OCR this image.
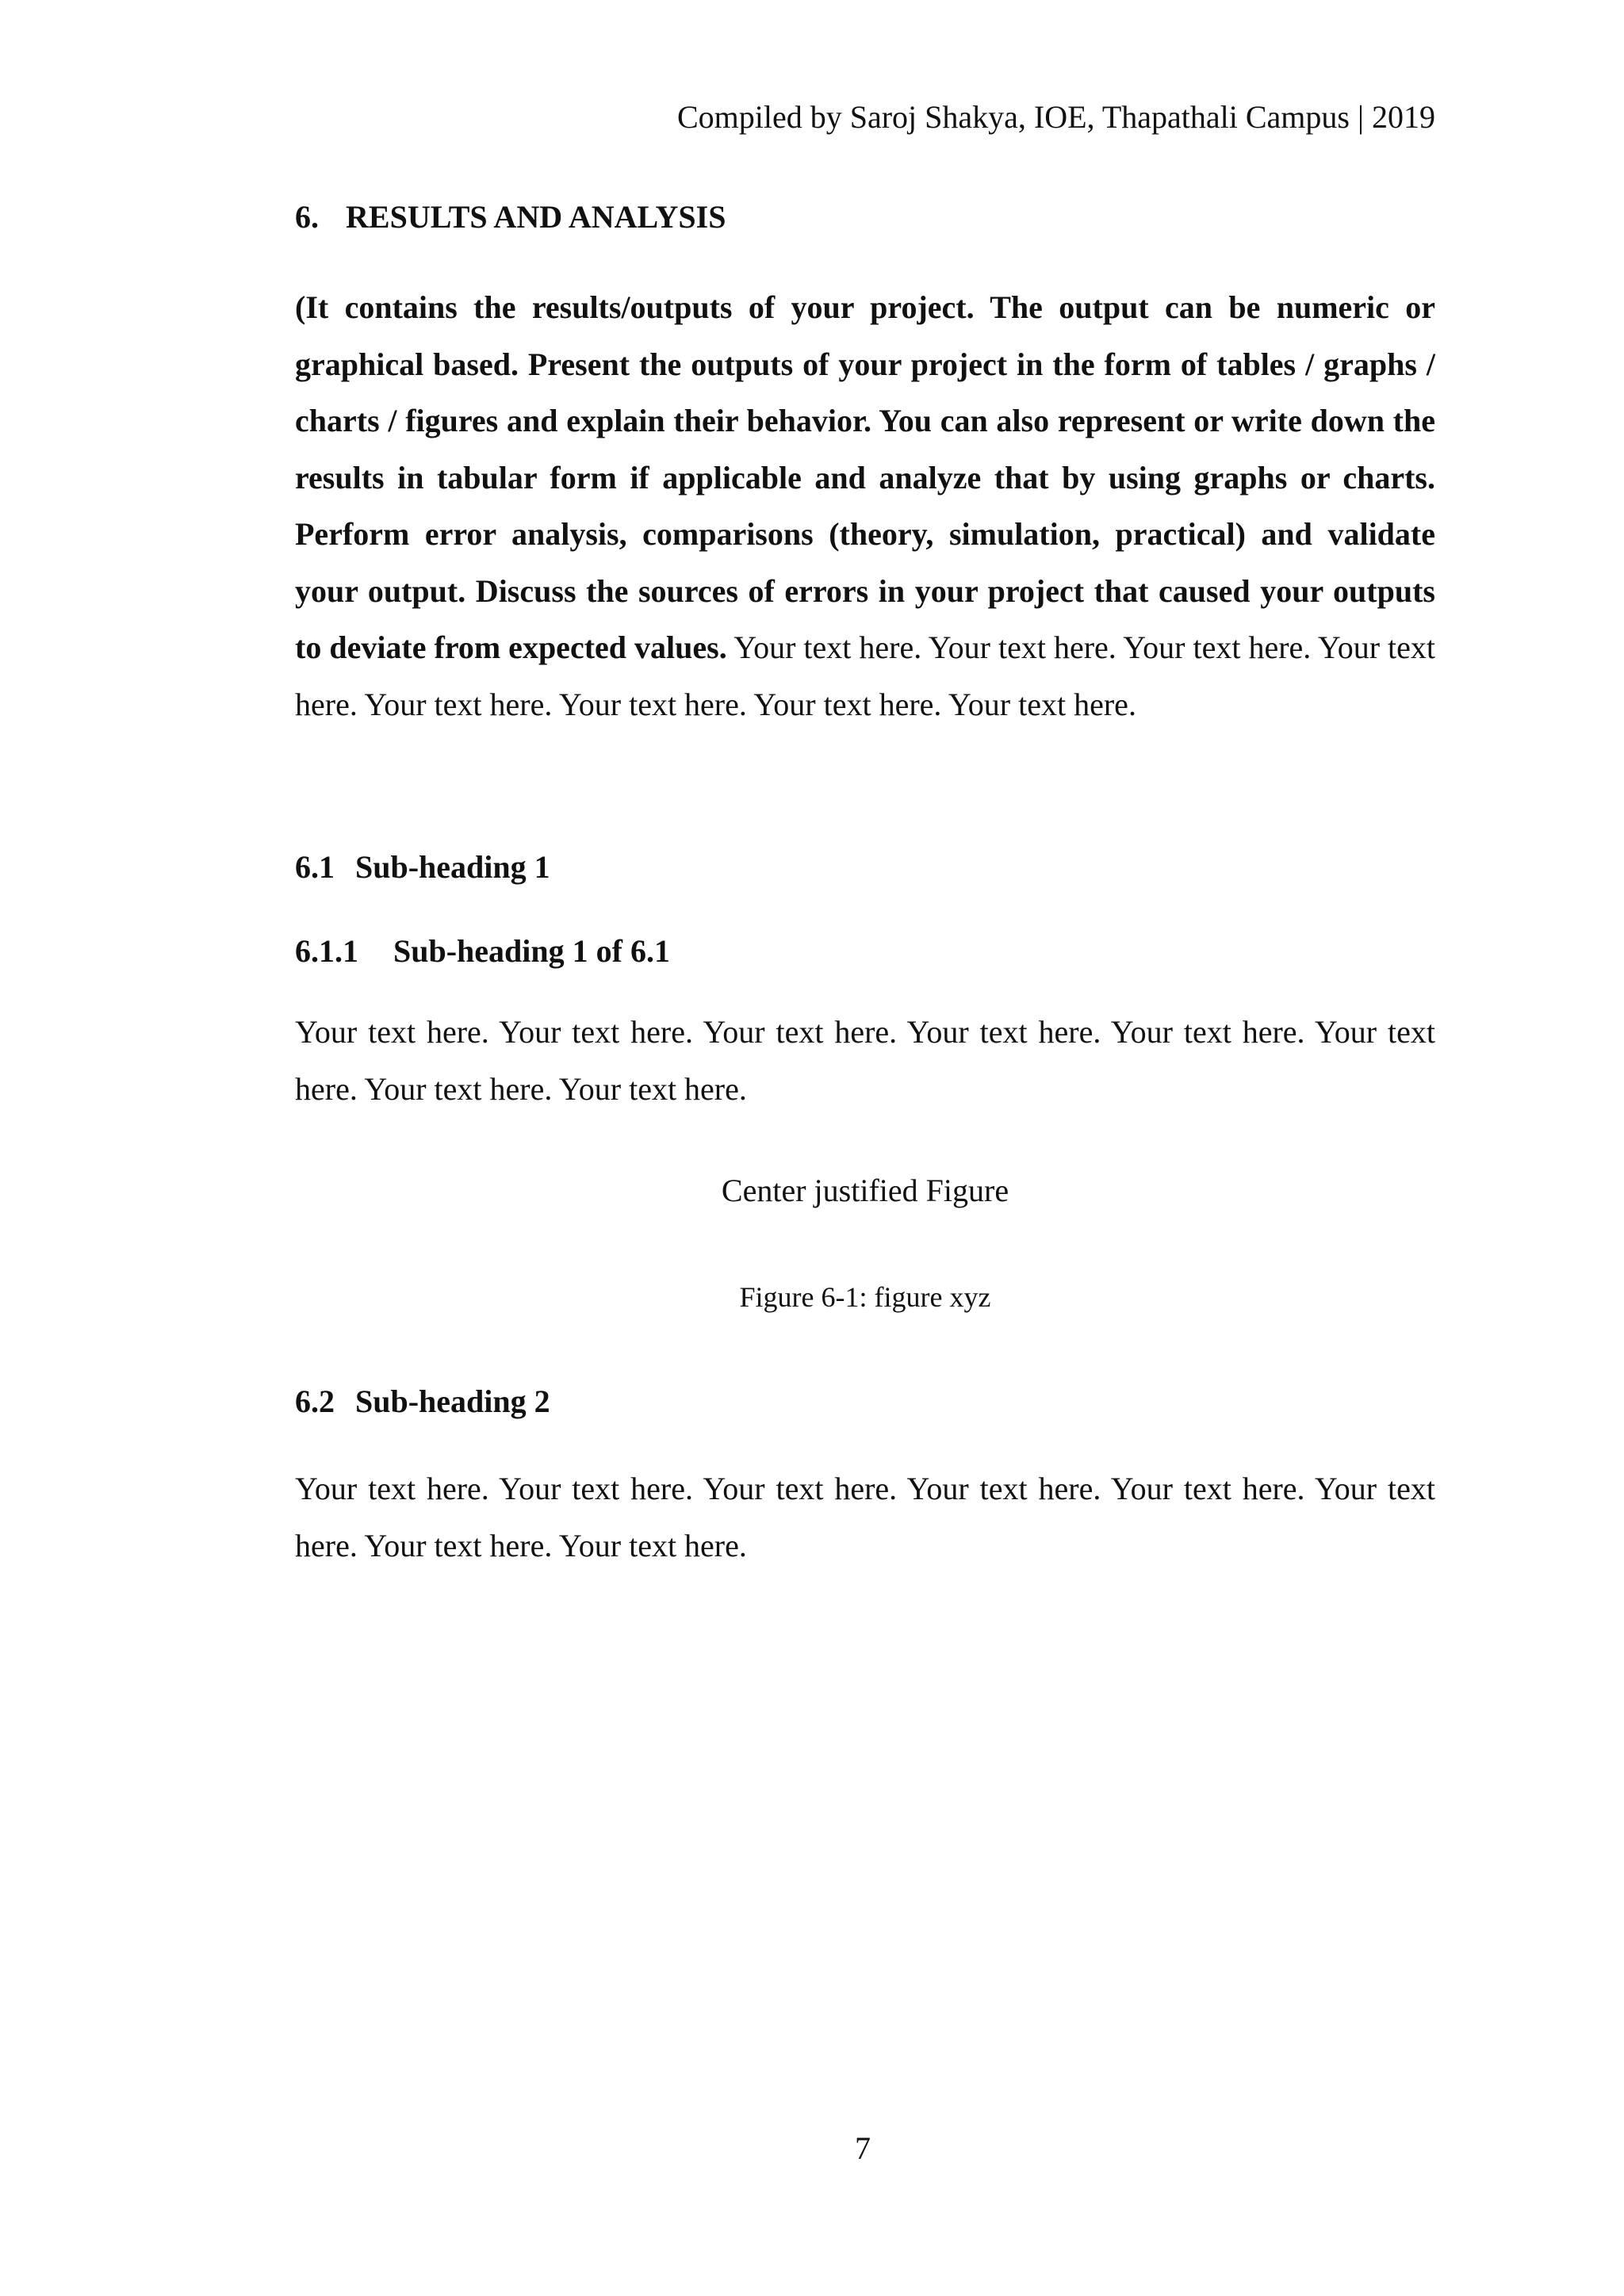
Compiled by Saroj Shakya, IOE, Thapathali Campus | 2019
6. RESULTS AND ANALYSIS
(It contains the results/outputs of your project. The output can be numeric or graphical based. Present the outputs of your project in the form of tables / graphs / charts / figures and explain their behavior. You can also represent or write down the results in tabular form if applicable and analyze that by using graphs or charts. Perform error analysis, comparisons (theory, simulation, practical) and validate your output. Discuss the sources of errors in your project that caused your outputs to deviate from expected values. Your text here. Your text here. Your text here. Your text here. Your text here. Your text here. Your text here. Your text here.
6.1 Sub-heading 1
6.1.1 Sub-heading 1 of 6.1
Your text here. Your text here. Your text here. Your text here. Your text here. Your text here. Your text here. Your text here.
Center justified Figure
Figure 6-1: figure xyz
6.2 Sub-heading 2
Your text here. Your text here. Your text here. Your text here. Your text here. Your text here. Your text here. Your text here.
7
